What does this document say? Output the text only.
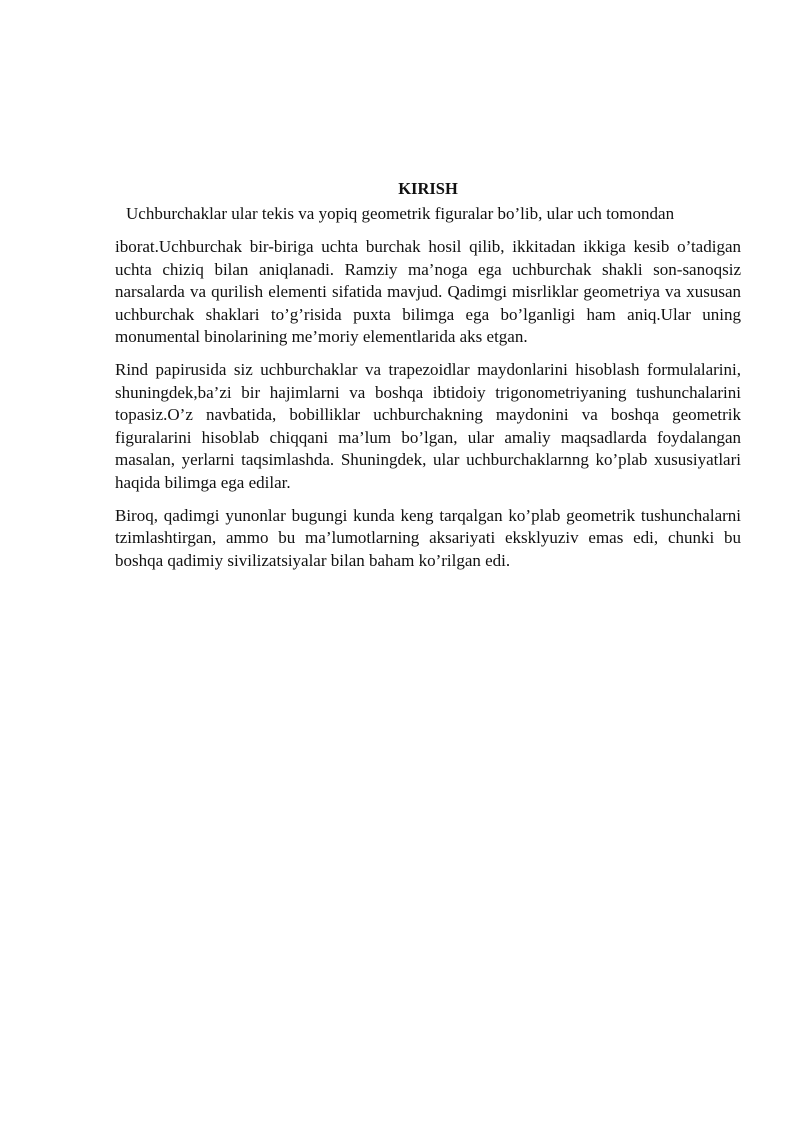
KIRISH

Uchburchaklar ular tekis va yopiq geometrik figuralar bo’lib, ular uch tomondan

iborat.Uchburchak bir-biriga uchta burchak hosil qilib, ikkitadan ikkiga kesib o’tadigan uchta chiziq bilan aniqlanadi. Ramziy ma’noga ega uchburchak shakli son-sanoqsiz narsalarda va qurilish elementi sifatida mavjud. Qadimgi misrliklar geometriya va xususan uchburchak shaklari to’g’risida puxta bilimga ega bo’lganligi ham aniq.Ular uning monumental binolarining me’moriy elementlarida aks etgan.

Rind papirusida siz uchburchaklar va trapezoidlar maydonlarini hisoblash formulalarini, shuningdek,ba’zi bir hajimlarni va boshqa ibtidoiy trigonometriyaning tushunchalarini topasiz.O’z navbatida, bobilliklar uchburchakning maydonini va boshqa geometrik figuralarini hisoblab chiqqani ma’lum bo’lgan, ular amaliy maqsadlarda foydalangan masalan, yerlarni taqsimlashda. Shuningdek, ular uchburchaklarnng ko’plab xususiyatlari haqida bilimga ega edilar.

Biroq, qadimgi yunonlar bugungi kunda keng tarqalgan ko’plab geometrik tushunchalarni tzimlashtirgan, ammo bu ma’lumotlarning aksariyati eksklyuziv emas edi, chunki bu boshqa qadimiy sivilizatsiyalar bilan baham ko’rilgan edi.
